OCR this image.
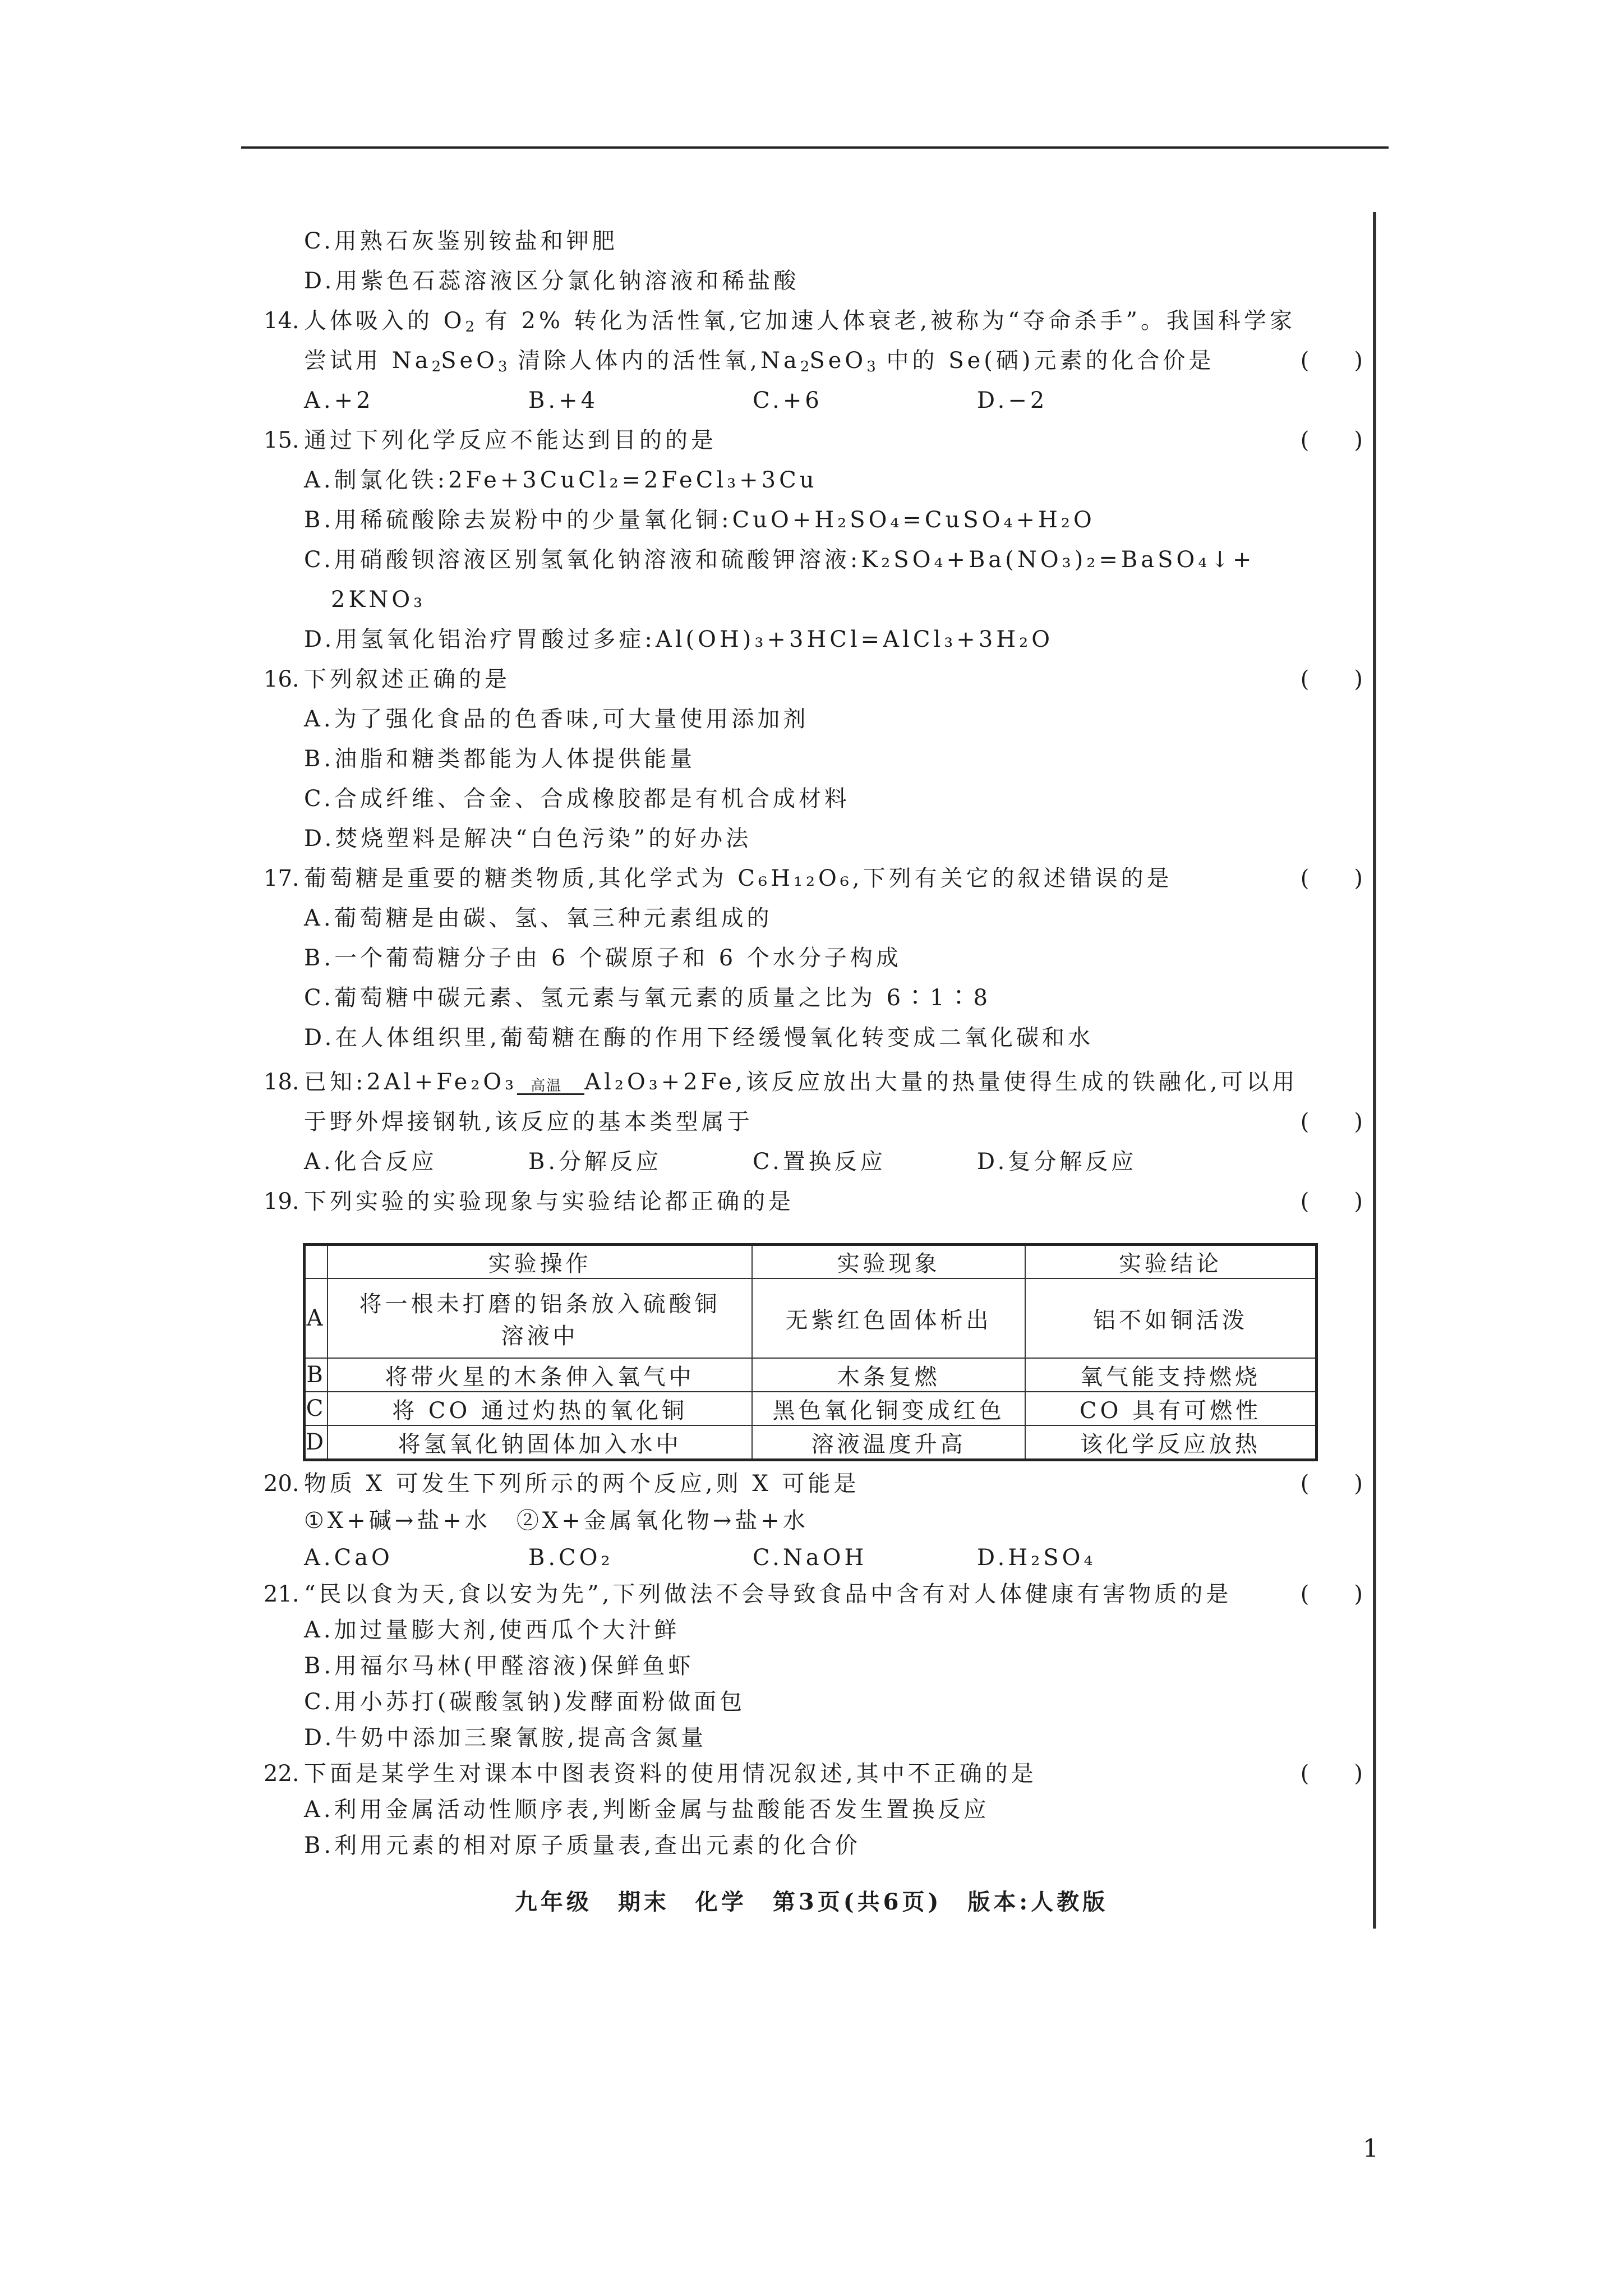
C.用熟石灰鉴别铵盐和钾肥
D.用紫色石蕊溶液区分氯化钠溶液和稀盐酸
14. 人体吸入的 $O_2$ 有 2% 转化为活性氧,它加速人体衰老,被称为“夺命杀手”。我国科学家
尝试用 $Na_2SeO_3$ 清除人体内的活性氧$,Na_2SeO_3$ 中的 Se(硒)元素的化合价是	(　　)
A.+2	B.+4	C.+6	D.−2
15. 通过下列化学反应不能达到目的的是	(　　)
A.制氯化铁:2Fe+3CuCl₂=2FeCl₃+3Cu
B.用稀硫酸除去炭粉中的少量氧化铜:CuO+H₂SO₄=CuSO₄+H₂O
C.用硝酸钡溶液区别氢氧化钠溶液和硫酸钾溶液:K₂SO₄+Ba(NO₃)₂=BaSO₄↓+
2KNO₃
D.用氢氧化铝治疗胃酸过多症:Al(OH)₃+3HCl=AlCl₃+3H₂O
16. 下列叙述正确的是	(　　)
A.为了强化食品的色香味,可大量使用添加剂
B.油脂和糖类都能为人体提供能量
C.合成纤维、合金、合成橡胶都是有机合成材料
D.焚烧塑料是解决“白色污染”的好办法
17. 葡萄糖是重要的糖类物质,其化学式为 C₆H₁₂O₆,下列有关它的叙述错误的是	(　　)
A.葡萄糖是由碳、氢、氧三种元素组成的
B.一个葡萄糖分子由 6 个碳原子和 6 个水分子构成
C.葡萄糖中碳元素、氢元素与氧元素的质量之比为 6∶1∶8
D.在人体组织里,葡萄糖在酶的作用下经缓慢氧化转变成二氧化碳和水
18. 已知:2Al+Fe₂O₃ 高温 Al₂O₃+2Fe,该反应放出大量的热量使得生成的铁融化,可以用
于野外焊接钢轨,该反应的基本类型属于	(　　)
A.化合反应	B.分解反应	C.置换反应	D.复分解反应
19. 下列实验的实验现象与实验结论都正确的是	(　　)
	实验操作	实验现象	实验结论
A	将一根未打磨的铝条放入硫酸铜
溶液中	无紫红色固体析出	铝不如铜活泼
B	将带火星的木条伸入氧气中	木条复燃	氧气能支持燃烧
C	将 CO 通过灼热的氧化铜	黑色氧化铜变成红色	CO 具有可燃性
D	将氢氧化钠固体加入水中	溶液温度升高	该化学反应放热
20. 物质 X 可发生下列所示的两个反应,则 X 可能是	(　　)
①X+碱→盐+水　②X+金属氧化物→盐+水
A.CaO	B.CO₂	C.NaOH	D.H₂SO₄
21. “民以食为天,食以安为先”,下列做法不会导致食品中含有对人体健康有害物质的是	(　　)
A.加过量膨大剂,使西瓜个大汁鲜
B.用福尔马林(甲醛溶液)保鲜鱼虾
C.用小苏打(碳酸氢钠)发酵面粉做面包
D.牛奶中添加三聚氰胺,提高含氮量
22. 下面是某学生对课本中图表资料的使用情况叙述,其中不正确的是	(　　)
A.利用金属活动性顺序表,判断金属与盐酸能否发生置换反应
B.利用元素的相对原子质量表,查出元素的化合价
九年级　期末　化学　第3页(共6页)　版本:人教版
1
